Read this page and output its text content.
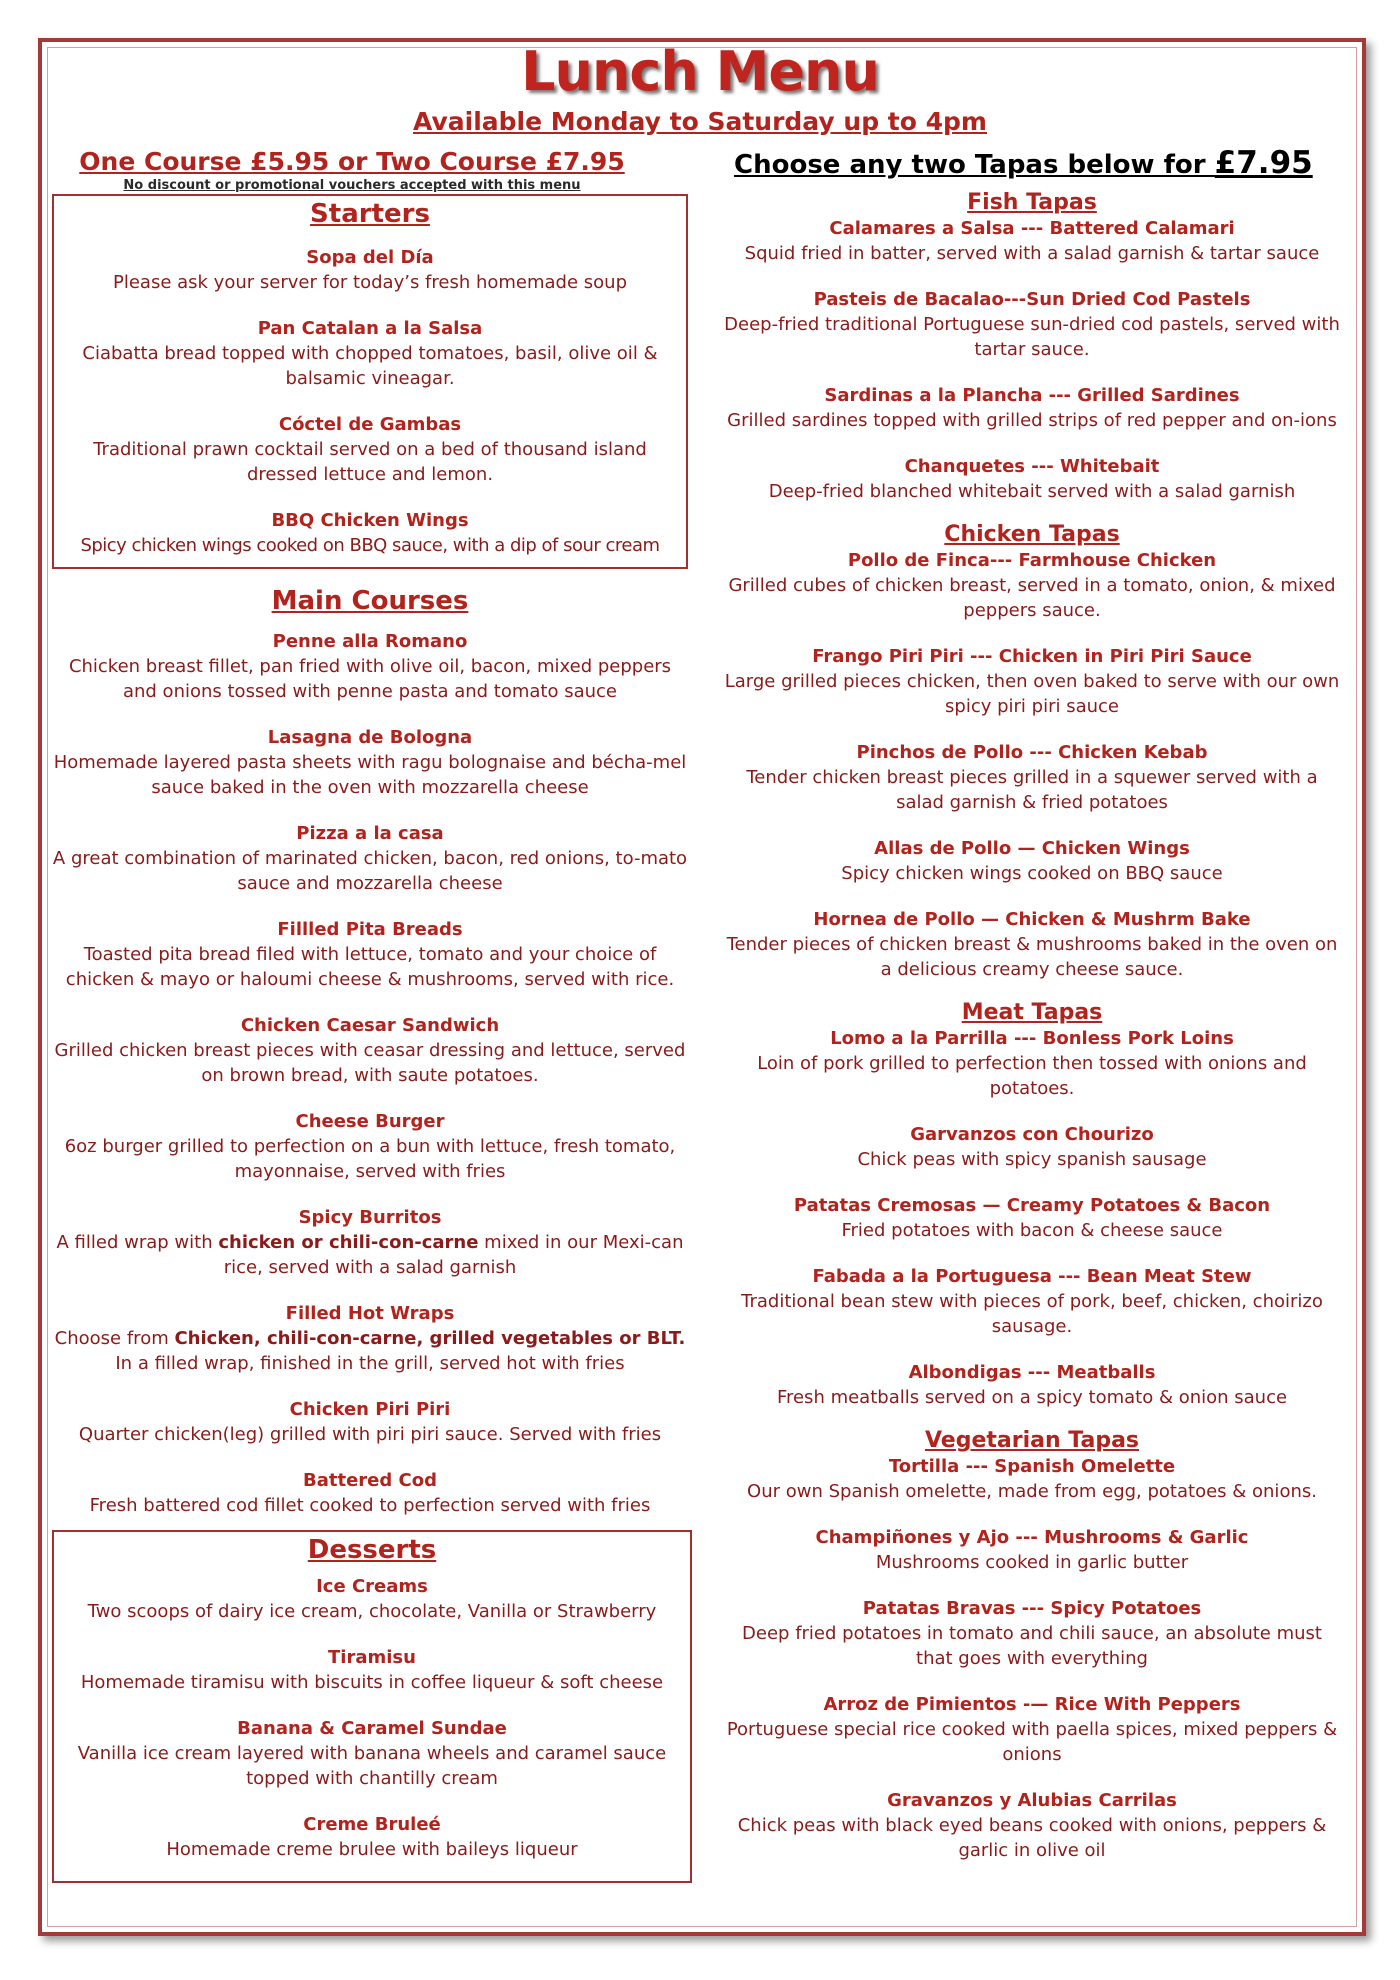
Lunch Menu
Available Monday to Saturday up to 4pm
One Course £5.95 or Two Course £7.95
No discount or promotional vouchers accepted with this menu
Starters
Sopa del Día
Please ask your server for today’s fresh homemade soup
Pan Catalan a la Salsa
Ciabatta bread topped with chopped tomatoes, basil, olive oil & balsamic vineagar.
Cóctel de Gambas
Traditional prawn cocktail served on a bed of thousand island dressed lettuce and lemon.
BBQ Chicken Wings
Spicy chicken wings cooked on BBQ sauce, with a dip of sour cream
Main Courses
Penne alla Romano
Chicken breast fillet, pan fried with olive oil, bacon, mixed peppers and onions tossed with penne pasta and tomato sauce
Lasagna de Bologna
Homemade layered pasta sheets with ragu bolognaise and bécha-mel sauce baked in the oven with mozzarella cheese
Pizza a la casa
A great combination of marinated chicken, bacon, red onions, to-mato sauce and mozzarella cheese
Fillled Pita Breads
Toasted pita bread filed with lettuce, tomato and your choice of chicken & mayo or haloumi cheese & mushrooms, served with rice.
Chicken Caesar Sandwich
Grilled chicken breast pieces with ceasar dressing and lettuce, served on brown bread, with saute potatoes.
Cheese Burger
6oz burger grilled to perfection on a bun with lettuce, fresh tomato, mayonnaise, served with fries
Spicy Burritos
A filled wrap with chicken or chili-con-carne mixed in our Mexi-can rice, served with a salad garnish
Filled Hot Wraps
Choose from Chicken, chili-con-carne, grilled vegetables or BLT. In a filled wrap, finished in the grill, served hot with fries
Chicken Piri Piri
Quarter chicken(leg) grilled with piri piri sauce. Served with fries
Battered Cod
Fresh battered cod fillet cooked to perfection served with fries
Desserts
Ice Creams
Two scoops of dairy ice cream, chocolate, Vanilla or Strawberry
Tiramisu
Homemade tiramisu with biscuits in coffee liqueur & soft cheese
Banana & Caramel Sundae
Vanilla ice cream layered with banana wheels and caramel sauce topped with chantilly cream
Creme Bruleé
Homemade creme brulee with baileys liqueur
Choose any two Tapas below for £7.95
Fish Tapas
Calamares a Salsa --- Battered Calamari
Squid fried in batter, served with a salad garnish & tartar sauce
Pasteis de Bacalao---Sun Dried Cod Pastels
Deep-fried traditional Portuguese sun-dried cod pastels, served with tartar sauce.
Sardinas a la Plancha --- Grilled Sardines
Grilled sardines topped with grilled strips of red pepper and on-ions
Chanquetes --- Whitebait
Deep-fried blanched whitebait served with a salad garnish
Chicken Tapas
Pollo de Finca--- Farmhouse Chicken
Grilled cubes of chicken breast, served in a tomato, onion, & mixed peppers sauce.
Frango Piri Piri --- Chicken in Piri Piri Sauce
Large grilled pieces chicken, then oven baked to serve with our own spicy piri piri sauce
Pinchos de Pollo --- Chicken Kebab
Tender chicken breast pieces grilled in a squewer served with a salad garnish & fried potatoes
Allas de Pollo — Chicken Wings
Spicy chicken wings cooked on BBQ sauce
Hornea de Pollo — Chicken & Mushrm Bake
Tender pieces of chicken breast & mushrooms baked in the oven on a delicious creamy cheese sauce.
Meat Tapas
Lomo a la Parrilla --- Bonless Pork Loins
Loin of pork grilled to perfection then tossed with onions and potatoes.
Garvanzos con Chourizo
Chick peas with spicy spanish sausage
Patatas Cremosas — Creamy Potatoes & Bacon
Fried potatoes with bacon & cheese sauce
Fabada a la Portuguesa --- Bean Meat Stew
Traditional bean stew with pieces of pork, beef, chicken, choirizo sausage.
Albondigas --- Meatballs
Fresh meatballs served on a spicy tomato & onion sauce
Vegetarian Tapas
Tortilla --- Spanish Omelette
Our own Spanish omelette, made from egg, potatoes & onions.
Champiñones y Ajo --- Mushrooms & Garlic
Mushrooms cooked in garlic butter
Patatas Bravas --- Spicy Potatoes
Deep fried potatoes in tomato and chili sauce, an absolute must that goes with everything
Arroz de Pimientos -— Rice With Peppers
Portuguese special rice cooked with paella spices, mixed peppers & onions
Gravanzos y Alubias Carrilas
Chick peas with black eyed beans cooked with onions, peppers & garlic in olive oil
